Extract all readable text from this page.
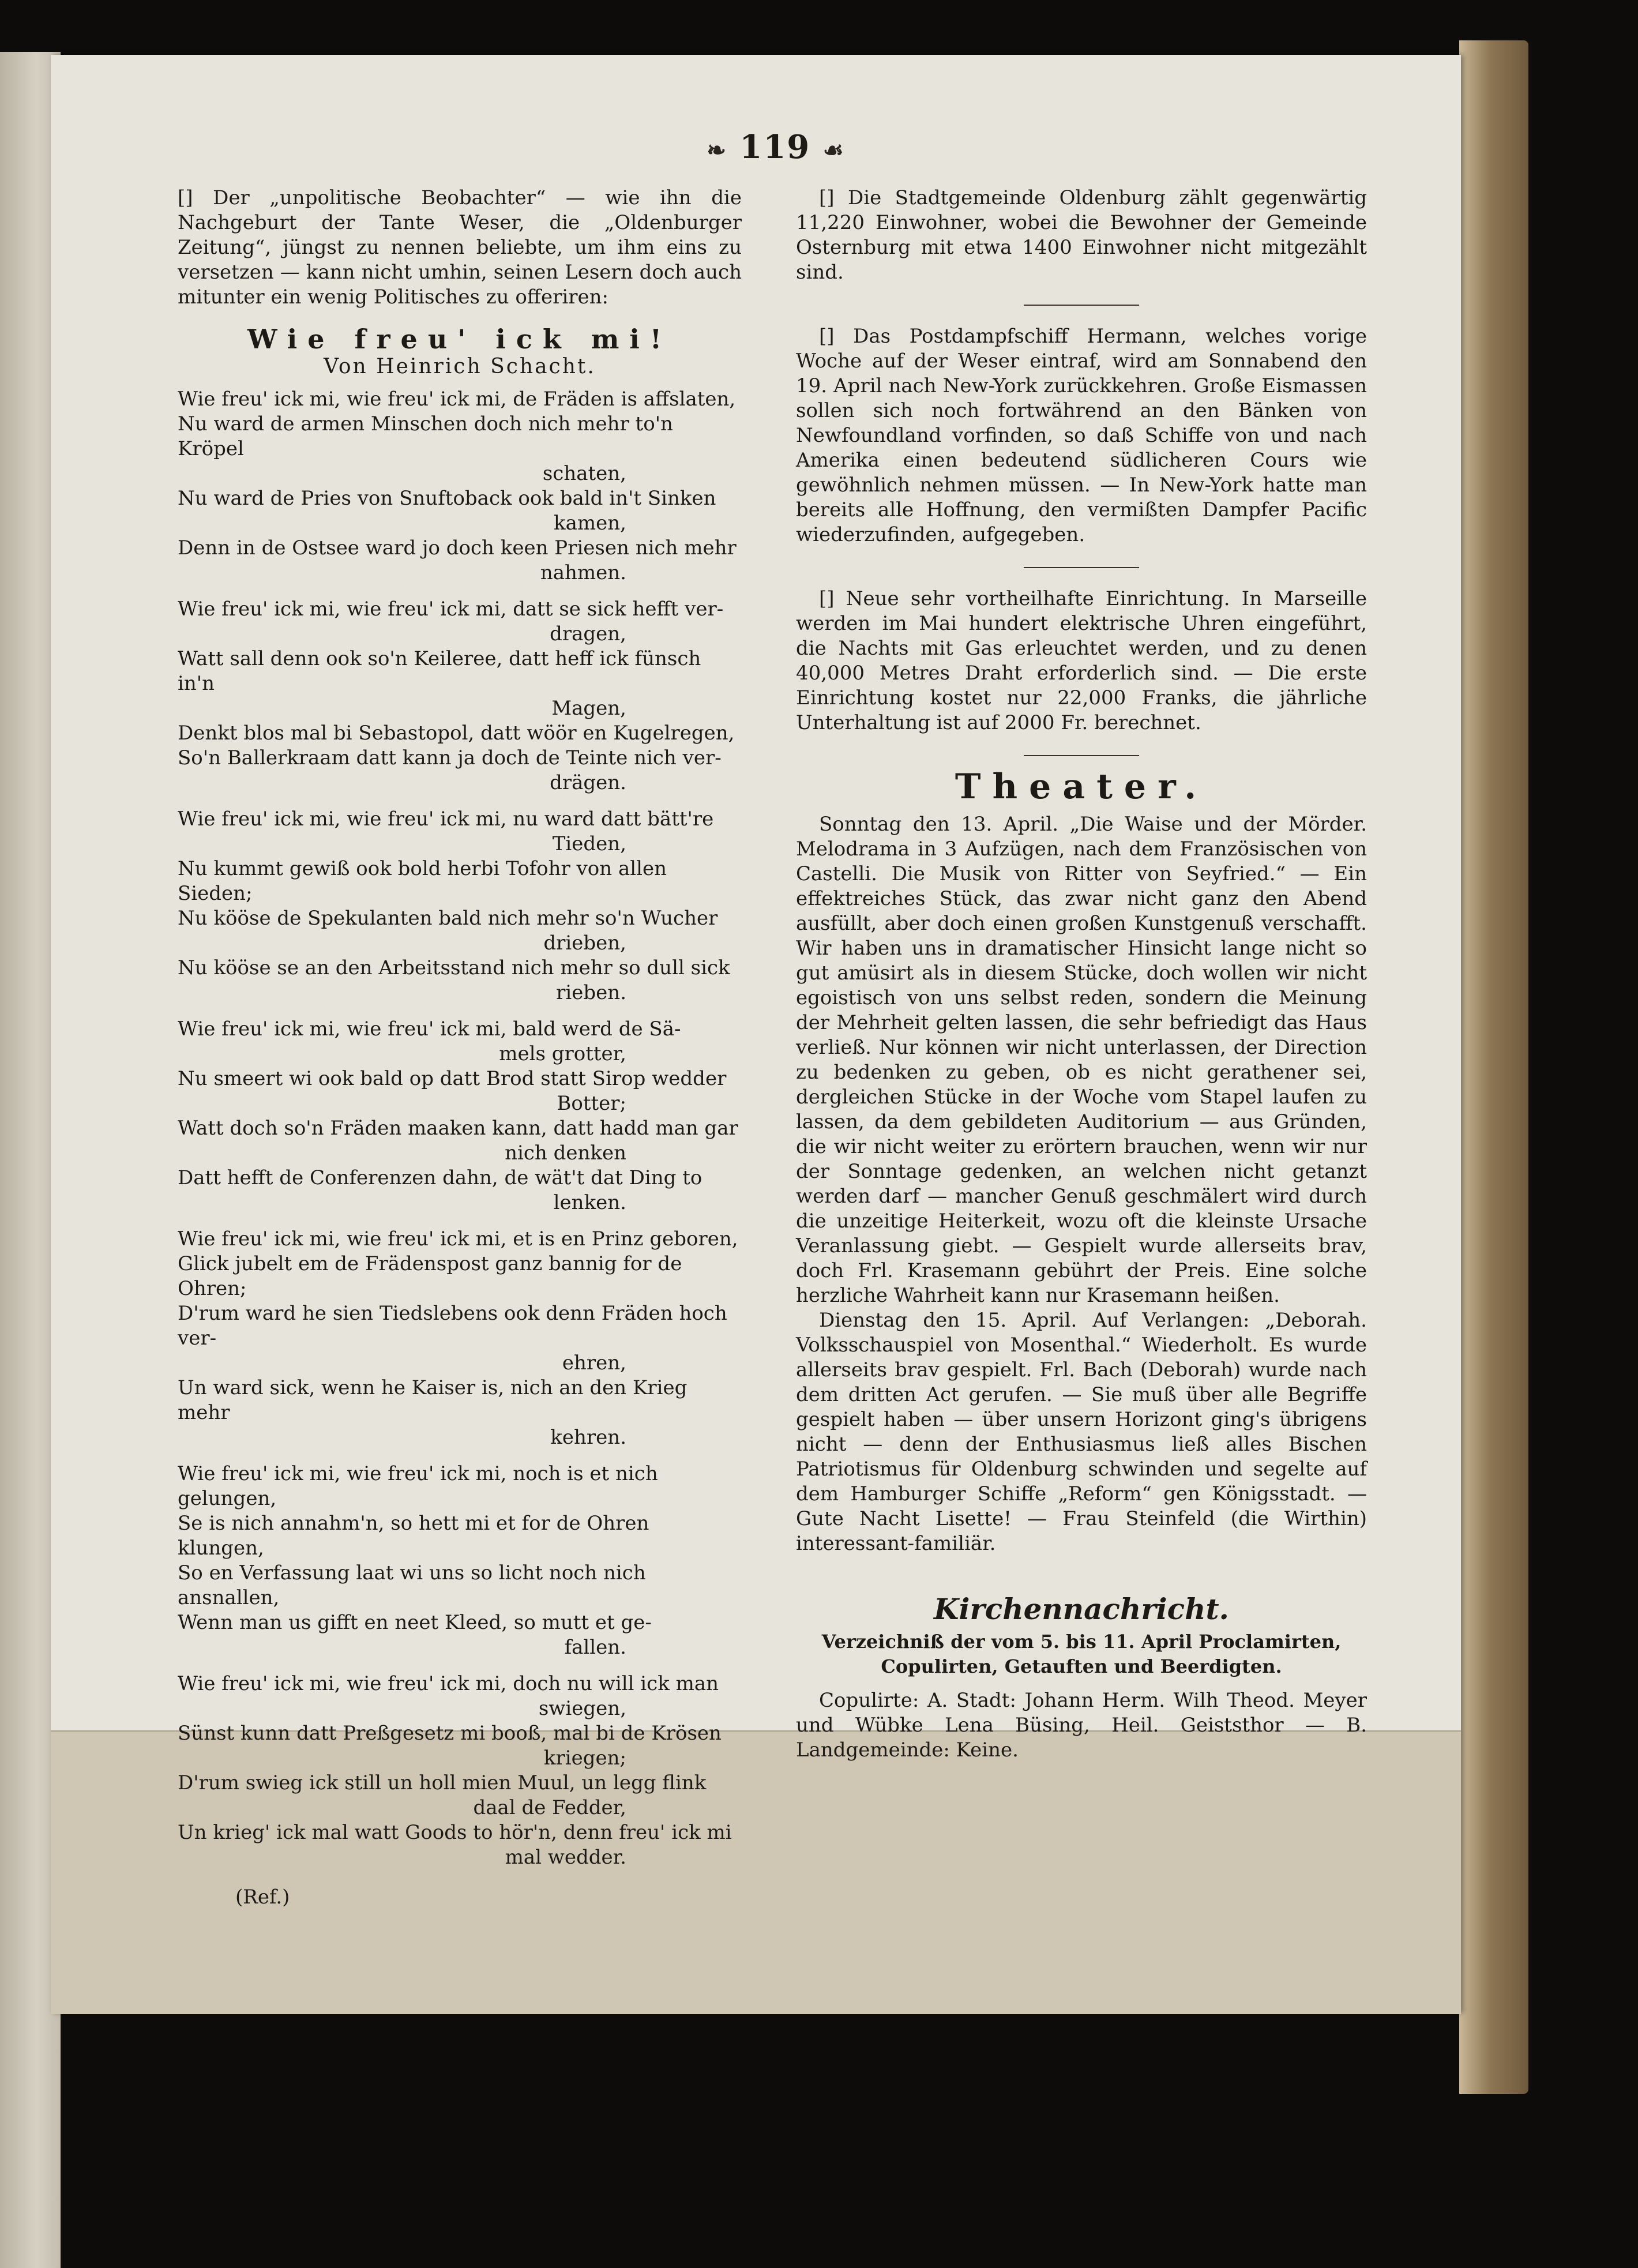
❧ 119 ☙

[] Der „unpolitische Beobachter“ — wie ihn die Nachgeburt der Tante Weser, die „Oldenburger Zeitung“, jüngst zu nennen beliebte, um ihm eins zu versetzen — kann nicht umhin, seinen Lesern doch auch mitunter ein wenig Politisches zu offeriren:

Wie freu' ick mi!
Von Heinrich Schacht.
Wie freu' ick mi, wie freu' ick mi, de Fräden is affslaten,
Nu ward de armen Minschen doch nich mehr to'n Kröpel
schaten,
Nu ward de Pries von Snuftoback ook bald in't Sinken
kamen,
Denn in de Ostsee ward jo doch keen Priesen nich mehr
nahmen.
Wie freu' ick mi, wie freu' ick mi, datt se sick hefft ver-
dragen,
Watt sall denn ook so'n Keileree, datt heff ick fünsch in'n
Magen,
Denkt blos mal bi Sebastopol, datt wöör en Kugelregen,
So'n Ballerkraam datt kann ja doch de Teinte nich ver-
drägen.
Wie freu' ick mi, wie freu' ick mi, nu ward datt bätt're
Tieden,
Nu kummt gewiß ook bold herbi Tofohr von allen Sieden;
Nu kööse de Spekulanten bald nich mehr so'n Wucher
drieben,
Nu kööse se an den Arbeitsstand nich mehr so dull sick
rieben.
Wie freu' ick mi, wie freu' ick mi, bald werd de Sä-
mels grotter,
Nu smeert wi ook bald op datt Brod statt Sirop wedder
Botter;
Watt doch so'n Fräden maaken kann, datt hadd man gar
nich denken
Datt hefft de Conferenzen dahn, de wät't dat Ding to
lenken.
Wie freu' ick mi, wie freu' ick mi, et is en Prinz geboren,
Glick jubelt em de Frädenspost ganz bannig for de Ohren;
D'rum ward he sien Tiedslebens ook denn Fräden hoch ver-
ehren,
Un ward sick, wenn he Kaiser is, nich an den Krieg mehr
kehren.
Wie freu' ick mi, wie freu' ick mi, noch is et nich gelungen,
Se is nich annahm'n, so hett mi et for de Ohren klungen,
So en Verfassung laat wi uns so licht noch nich ansnallen,
Wenn man us gifft en neet Kleed, so mutt et ge-
fallen.
Wie freu' ick mi, wie freu' ick mi, doch nu will ick man
swiegen,
Sünst kunn datt Preßgesetz mi booß, mal bi de Krösen
kriegen;
D'rum swieg ick still un holl mien Muul, un legg flink
daal de Fedder,
Un krieg' ick mal watt Goods to hör'n, denn freu' ick mi
mal wedder.
(Ref.)

[] Die Stadtgemeinde Oldenburg zählt gegenwärtig 11,220 Einwohner, wobei die Bewohner der Gemeinde Osternburg mit etwa 1400 Einwohner nicht mitgezählt sind.

[] Das Postdampfschiff Hermann, welches vorige Woche auf der Weser eintraf, wird am Sonnabend den 19. April nach New-York zurückkehren. Große Eismassen sollen sich noch fortwährend an den Bänken von Newfoundland vorfinden, so daß Schiffe von und nach Amerika einen bedeutend südlicheren Cours wie gewöhnlich nehmen müssen. — In New-York hatte man bereits alle Hoffnung, den vermißten Dampfer Pacific wiederzufinden, aufgegeben.

[] Neue sehr vortheilhafte Einrichtung. In Marseille werden im Mai hundert elektrische Uhren eingeführt, die Nachts mit Gas erleuchtet werden, und zu denen 40,000 Metres Draht erforderlich sind. — Die erste Einrichtung kostet nur 22,000 Franks, die jährliche Unterhaltung ist auf 2000 Fr. berechnet.

Theater.

Sonntag den 13. April. „Die Waise und der Mörder. Melodrama in 3 Aufzügen, nach dem Französischen von Castelli. Die Musik von Ritter von Seyfried.“ — Ein effektreiches Stück, das zwar nicht ganz den Abend ausfüllt, aber doch einen großen Kunstgenuß verschafft. Wir haben uns in dramatischer Hinsicht lange nicht so gut amüsirt als in diesem Stücke, doch wollen wir nicht egoistisch von uns selbst reden, sondern die Meinung der Mehrheit gelten lassen, die sehr befriedigt das Haus verließ. Nur können wir nicht unterlassen, der Direction zu bedenken zu geben, ob es nicht gerathener sei, dergleichen Stücke in der Woche vom Stapel laufen zu lassen, da dem gebildeten Auditorium — aus Gründen, die wir nicht weiter zu erörtern brauchen, wenn wir nur der Sonntage gedenken, an welchen nicht getanzt werden darf — mancher Genuß geschmälert wird durch die unzeitige Heiterkeit, wozu oft die kleinste Ursache Veranlassung giebt. — Gespielt wurde allerseits brav, doch Frl. Krasemann gebührt der Preis. Eine solche herzliche Wahrheit kann nur Krasemann heißen.

Dienstag den 15. April. Auf Verlangen: „Deborah. Volksschauspiel von Mosenthal.“ Wiederholt. Es wurde allerseits brav gespielt. Frl. Bach (Deborah) wurde nach dem dritten Act gerufen. — Sie muß über alle Begriffe gespielt haben — über unsern Horizont ging's übrigens nicht — denn der Enthusiasmus ließ alles Bischen Patriotismus für Oldenburg schwinden und segelte auf dem Hamburger Schiffe „Reform“ gen Königsstadt. — Gute Nacht Lisette! — Frau Steinfeld (die Wirthin) interessant-familiär.

Kirchennachricht.
Verzeichniß der vom 5. bis 11. April Proclamirten, Copulirten, Getauften und Beerdigten.

Copulirte: A. Stadt: Johann Herm. Wilh Theod. Meyer und Wübke Lena Büsing, Heil. Geiststhor — B. Landgemeinde: Keine.
